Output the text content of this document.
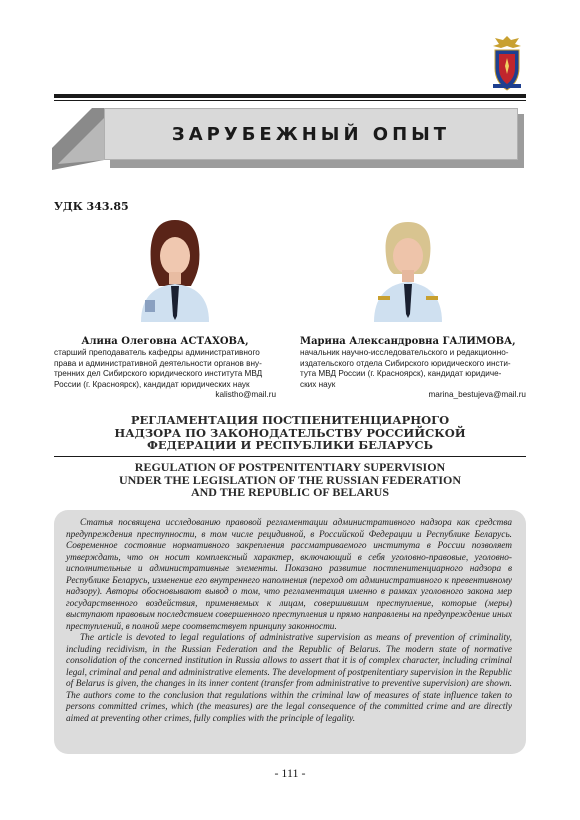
ЗАРУБЕЖНЫЙ ОПЫТ
УДК 343.85
Алина Олеговна АСТАХОВА,
старший преподаватель кафедры административного
права и административной деятельности органов вну-
тренних дел Сибирского юридического института МВД
России (г. Красноярск), кандидат юридических наук
kalistho@mail.ru
Марина Александровна ГАЛИМОВА,
начальник научно-исследовательского и редакционно-
издательского отдела Сибирского юридического инсти-
тута МВД России (г. Красноярск), кандидат юридиче-
ских наук
marina_bestujeva@mail.ru
РЕГЛАМЕНТАЦИЯ ПОСТПЕНИТЕНЦИАРНОГО
НАДЗОРА ПО ЗАКОНОДАТЕЛЬСТВУ РОССИЙСКОЙ
ФЕДЕРАЦИИ И РЕСПУБЛИКИ БЕЛАРУСЬ
REGULATION OF POSTPENITENTIARY SUPERVISION
UNDER THE LEGISLATION OF THE RUSSIAN FEDERATION
AND THE REPUBLIC OF BELARUS

Статья посвящена исследованию правовой регламентации административного надзора как средства предупреждения преступности, в том числе рецидивной, в Российской Федерации и Республике Беларусь. Современное состояние нормативного закрепления рассматриваемого института в России позволяет утверждать, что он носит комплексный характер, включающий в себя уголовно-правовые, уголовно-исполнительные и административные элементы. Показано развитие постпенитенциарного надзора в Республике Беларусь, изменение его внутреннего наполнения (переход от административного к превентивному надзору). Авторы обосновывают вывод о том, что регламентация именно в рамках уголовного закона мер государственного воздействия, применяемых к лицам, совершившим преступление, которые (меры) выступают правовым последствием совершенного преступления и прямо направлены на предупреждение иных преступлений, в полной мере соответствует принципу законности.

The article is devoted to legal regulations of administrative supervision as means of prevention of criminality, including recidivism, in the Russian Federation and the Republic of Belarus. The modern state of normative consolidation of the concerned institution in Russia allows to assert that it is of complex character, including criminal legal, criminal and penal and administrative elements. The development of postpenitentiary supervision in the Republic of Belarus is given, the changes in its inner content (transfer from administrative to preventive supervision) are shown. The authors come to the conclusion that regulations within the criminal law of measures of state influence taken to persons committed crimes, which (the measures) are the legal consequence of the committed crime and are directly aimed at preventing other crimes, fully complies with the principle of legality.

- 111 -
